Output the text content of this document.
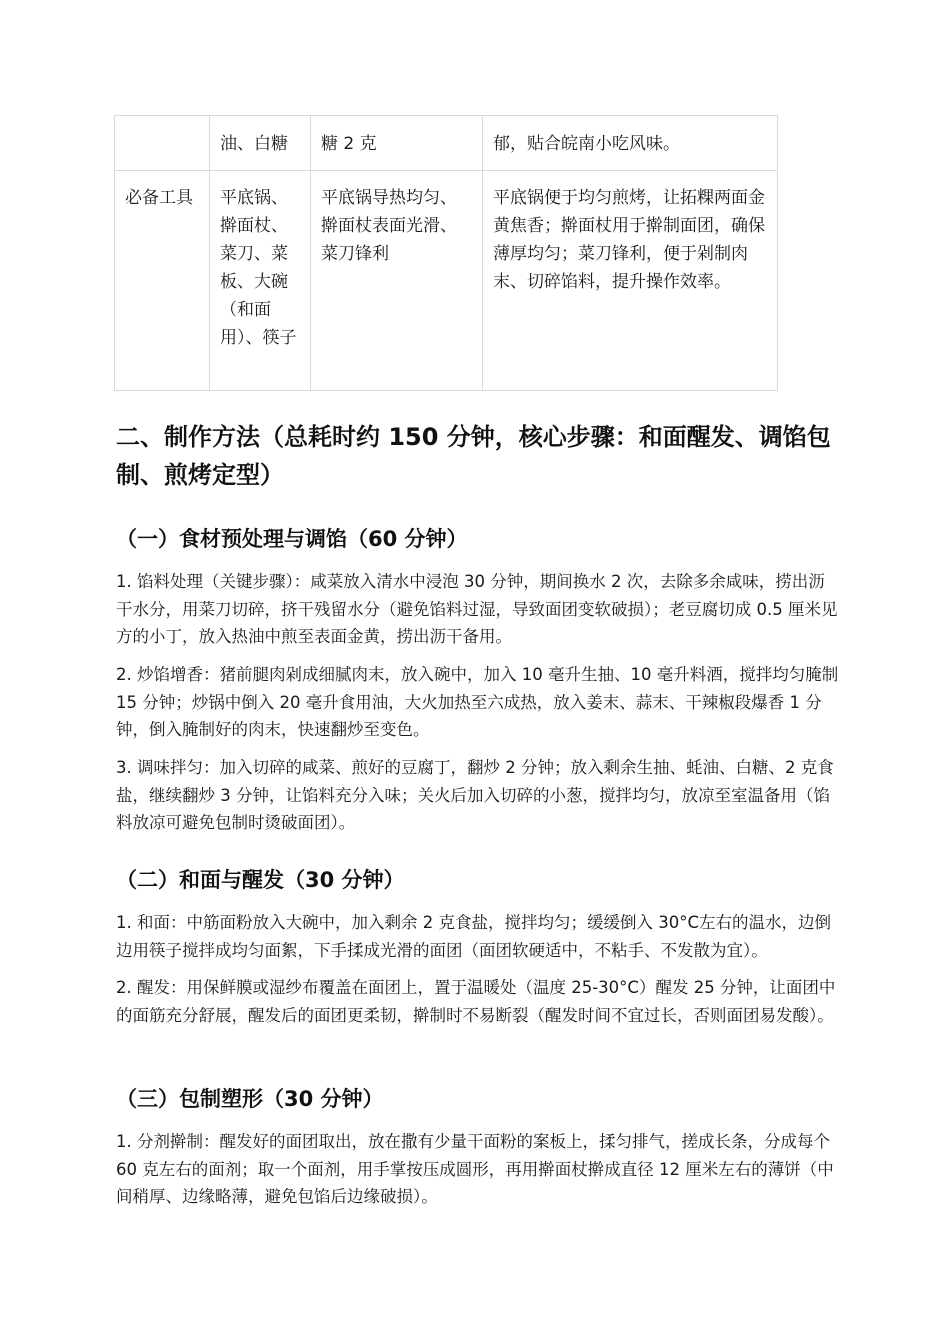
	油、白糖	糖 2 克	郁，贴合皖南小吃风味。
必备工具	平底锅、擀面杖、菜刀、菜板、大碗（和面用）、筷子	平底锅导热均匀、擀面杖表面光滑、菜刀锋利	平底锅便于均匀煎烤，让拓粿两面金黄焦香；擀面杖用于擀制面团，确保薄厚均匀；菜刀锋利，便于剁制肉末、切碎馅料，提升操作效率。
二、制作方法（总耗时约 150 分钟，核心步骤：和面醒发、调馅包制、煎烤定型）
（一）食材预处理与调馅（60 分钟）

1. 馅料处理（关键步骤）：咸菜放入清水中浸泡 30 分钟，期间换水 2 次，去除多余咸味，捞出沥干水分，用菜刀切碎，挤干残留水分（避免馅料过湿，导致面团变软破损）；老豆腐切成 0.5 厘米见方的小丁，放入热油中煎至表面金黄，捞出沥干备用。

2. 炒馅增香：猪前腿肉剁成细腻肉末，放入碗中，加入 10 毫升生抽、10 毫升料酒，搅拌均匀腌制 15 分钟；炒锅中倒入 20 毫升食用油，大火加热至六成热，放入姜末、蒜末、干辣椒段爆香 1 分钟，倒入腌制好的肉末，快速翻炒至变色。

3. 调味拌匀：加入切碎的咸菜、煎好的豆腐丁，翻炒 2 分钟；放入剩余生抽、蚝油、白糖、2 克食盐，继续翻炒 3 分钟，让馅料充分入味；关火后加入切碎的小葱，搅拌均匀，放凉至室温备用（馅料放凉可避免包制时烫破面团）。

（二）和面与醒发（30 分钟）

1. 和面：中筋面粉放入大碗中，加入剩余 2 克食盐，搅拌均匀；缓缓倒入 30°C左右的温水，边倒边用筷子搅拌成均匀面絮，下手揉成光滑的面团（面团软硬适中，不粘手、不发散为宜）。

2. 醒发：用保鲜膜或湿纱布覆盖在面团上，置于温暖处（温度 25-30°C）醒发 25 分钟，让面团中的面筋充分舒展，醒发后的面团更柔韧，擀制时不易断裂（醒发时间不宜过长，否则面团易发酸）。

（三）包制塑形（30 分钟）

1. 分剂擀制：醒发好的面团取出，放在撒有少量干面粉的案板上，揉匀排气，搓成长条，分成每个 60 克左右的面剂；取一个面剂，用手掌按压成圆形，再用擀面杖擀成直径 12 厘米左右的薄饼（中间稍厚、边缘略薄，避免包馅后边缘破损）。
